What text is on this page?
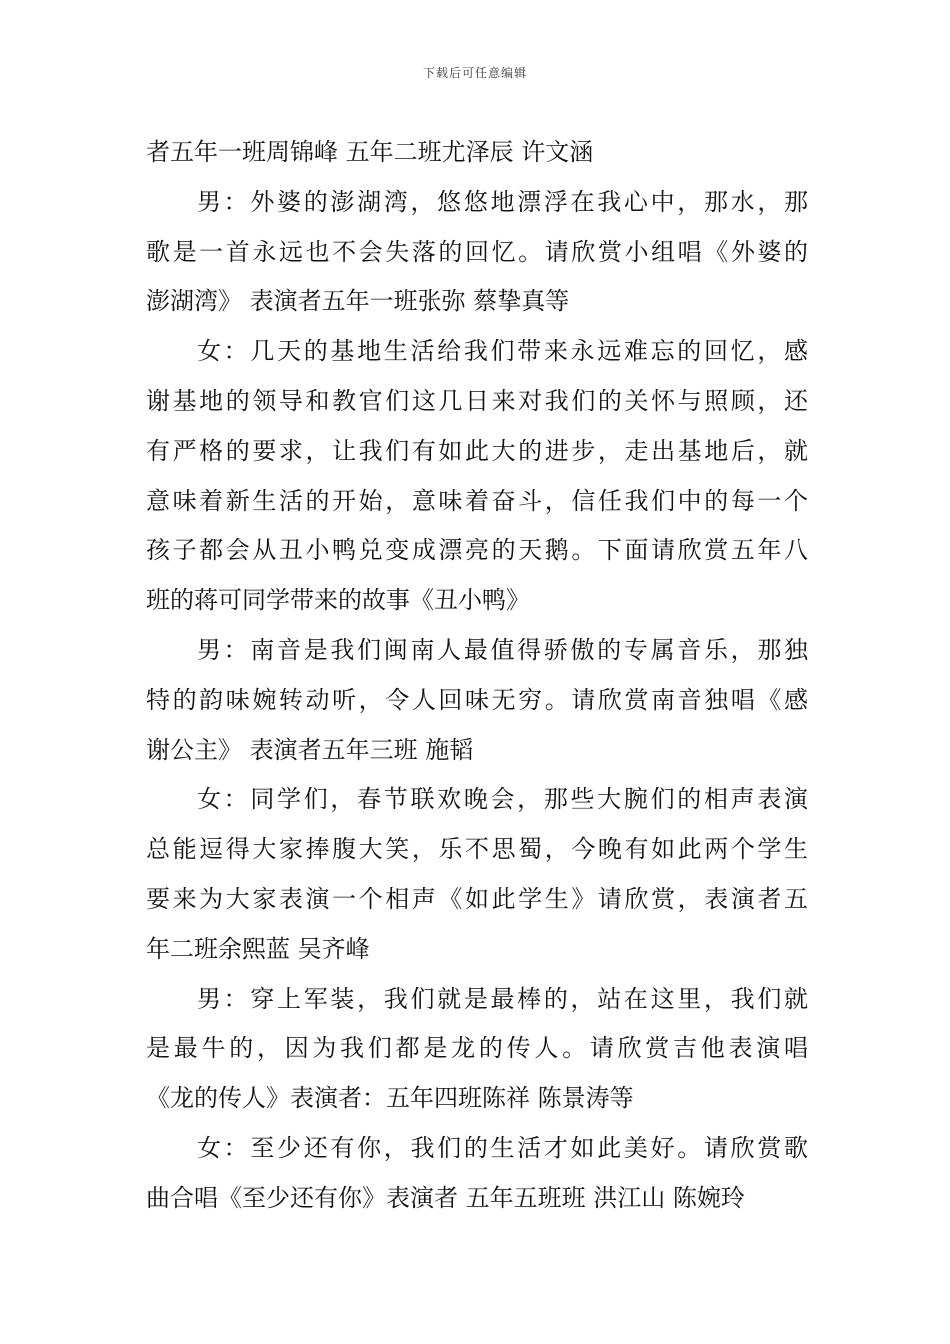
下载后可任意编辑
者五年一班周锦峰 五年二班尤泽辰 许文涵
男：外婆的澎湖湾，悠悠地漂浮在我心中，那水，那
歌是一首永远也不会失落的回忆。请欣赏小组唱《外婆的
澎湖湾》 表演者五年一班张弥 蔡挚真等
女：几天的基地生活给我们带来永远难忘的回忆，感
谢基地的领导和教官们这几日来对我们的关怀与照顾，还
有严格的要求，让我们有如此大的进步，走出基地后，就
意味着新生活的开始，意味着奋斗，信任我们中的每一个
孩子都会从丑小鸭兑变成漂亮的天鹅。下面请欣赏五年八
班的蒋可同学带来的故事《丑小鸭》
男：南音是我们闽南人最值得骄傲的专属音乐，那独
特的韵味婉转动听，令人回味无穷。请欣赏南音独唱《感
谢公主》 表演者五年三班 施韬
女：同学们，春节联欢晚会，那些大腕们的相声表演
总能逗得大家捧腹大笑，乐不思蜀，今晚有如此两个学生
要来为大家表演一个相声《如此学生》请欣赏，表演者五
年二班余熙蓝 吴齐峰
男：穿上军装，我们就是最棒的，站在这里，我们就
是最牛的，因为我们都是龙的传人。请欣赏吉他表演唱
《龙的传人》表演者：五年四班陈祥 陈景涛等
女：至少还有你，我们的生活才如此美好。请欣赏歌
曲合唱《至少还有你》表演者 五年五班班 洪江山 陈婉玲
